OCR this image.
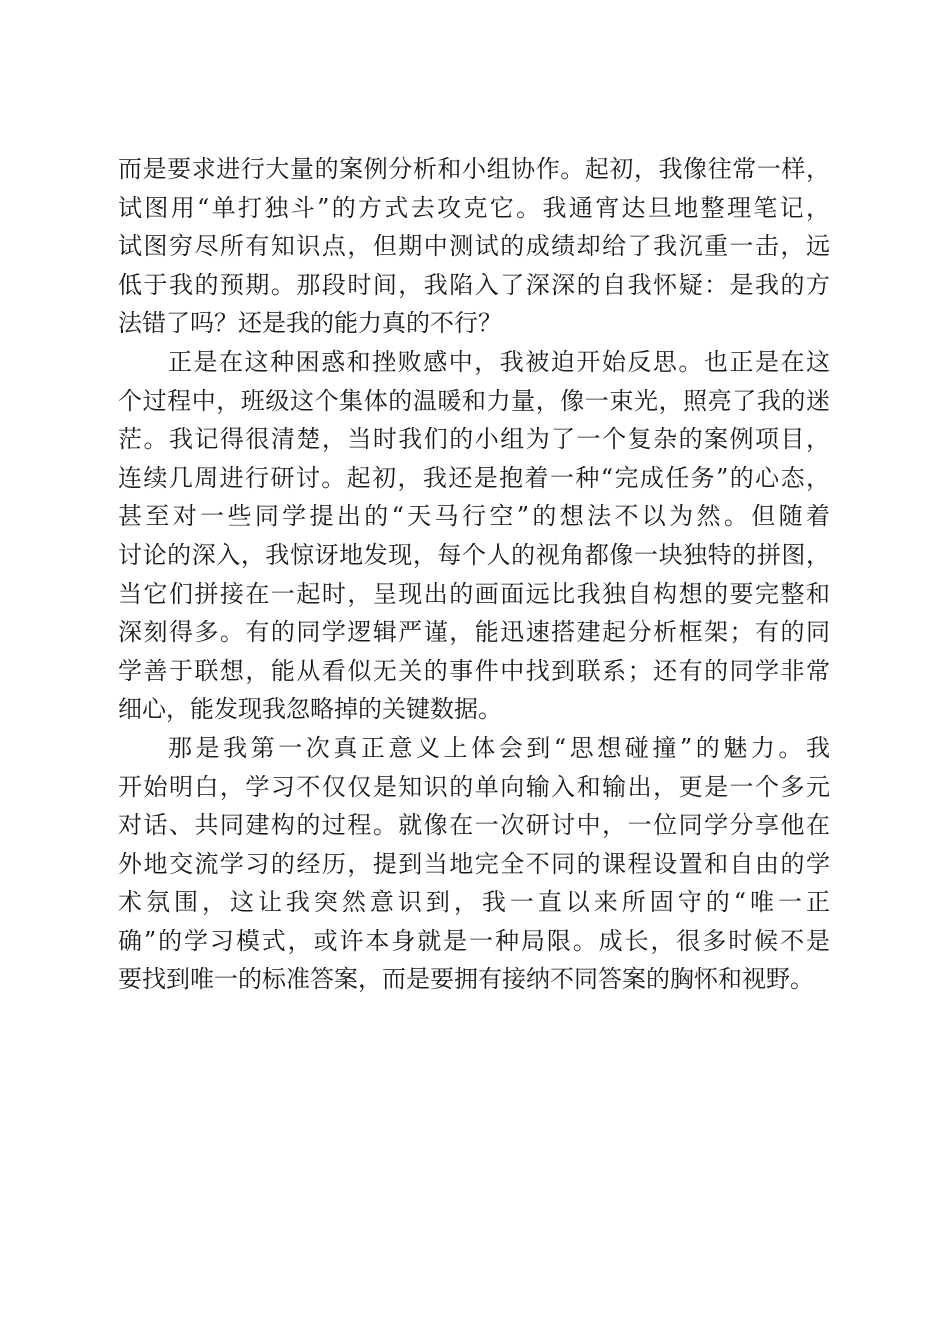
而是要求进行大量的案例分析和小组协作。起初，我像往常一样，
试图用“单打独斗”的方式去攻克它。我通宵达旦地整理笔记，
试图穷尽所有知识点，但期中测试的成绩却给了我沉重一击，远
低于我的预期。那段时间，我陷入了深深的自我怀疑：是我的方
法错了吗？还是我的能力真的不行？
正是在这种困惑和挫败感中，我被迫开始反思。也正是在这
个过程中，班级这个集体的温暖和力量，像一束光，照亮了我的迷
茫。我记得很清楚，当时我们的小组为了一个复杂的案例项目，
连续几周进行研讨。起初，我还是抱着一种“完成任务”的心态，
甚至对一些同学提出的“天马行空”的想法不以为然。但随着
讨论的深入，我惊讶地发现，每个人的视角都像一块独特的拼图，
当它们拼接在一起时，呈现出的画面远比我独自构想的要完整和
深刻得多。有的同学逻辑严谨，能迅速搭建起分析框架；有的同
学善于联想，能从看似无关的事件中找到联系；还有的同学非常
细心，能发现我忽略掉的关键数据。
那是我第一次真正意义上体会到“思想碰撞”的魅力。我
开始明白，学习不仅仅是知识的单向输入和输出，更是一个多元
对话、共同建构的过程。就像在一次研讨中，一位同学分享他在
外地交流学习的经历，提到当地完全不同的课程设置和自由的学
术氛围，这让我突然意识到，我一直以来所固守的“唯一正
确”的学习模式，或许本身就是一种局限。成长，很多时候不是
要找到唯一的标准答案，而是要拥有接纳不同答案的胸怀和视野。
